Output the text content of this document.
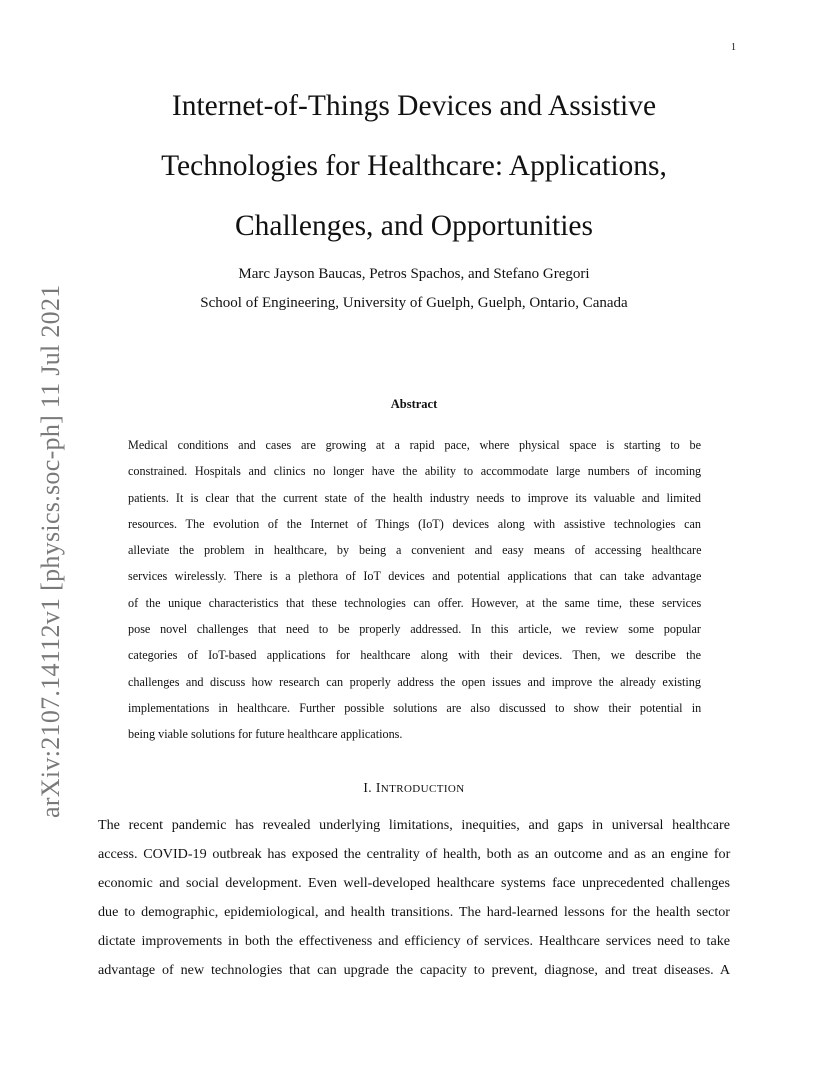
1
arXiv:2107.14112v1 [physics.soc-ph] 11 Jul 2021
Internet-of-Things Devices and Assistive
Technologies for Healthcare: Applications,
Challenges, and Opportunities
Marc Jayson Baucas, Petros Spachos, and Stefano Gregori
School of Engineering, University of Guelph, Guelph, Ontario, Canada
Abstract
Medical conditions and cases are growing at a rapid pace, where physical space is starting to be
constrained. Hospitals and clinics no longer have the ability to accommodate large numbers of incoming
patients. It is clear that the current state of the health industry needs to improve its valuable and limited
resources. The evolution of the Internet of Things (IoT) devices along with assistive technologies can
alleviate the problem in healthcare, by being a convenient and easy means of accessing healthcare
services wirelessly. There is a plethora of IoT devices and potential applications that can take advantage
of the unique characteristics that these technologies can offer. However, at the same time, these services
pose novel challenges that need to be properly addressed. In this article, we review some popular
categories of IoT-based applications for healthcare along with their devices. Then, we describe the
challenges and discuss how research can properly address the open issues and improve the already existing
implementations in healthcare. Further possible solutions are also discussed to show their potential in
being viable solutions for future healthcare applications.
I. INTRODUCTION
The recent pandemic has revealed underlying limitations, inequities, and gaps in universal healthcare
access. COVID-19 outbreak has exposed the centrality of health, both as an outcome and as an engine for
economic and social development. Even well-developed healthcare systems face unprecedented challenges
due to demographic, epidemiological, and health transitions. The hard-learned lessons for the health sector
dictate improvements in both the effectiveness and efficiency of services. Healthcare services need to take
advantage of new technologies that can upgrade the capacity to prevent, diagnose, and treat diseases. A
